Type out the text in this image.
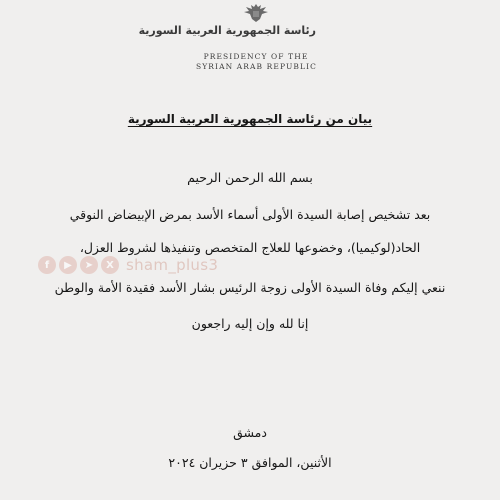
رئاسة الجمهورية العربية السورية
PRESIDENCY OF THE
SYRIAN ARAB REPUBLIC
بيان من رئاسة الجمهورية العربية السورية
بسم الله الرحمن الرحيم
بعد تشخيص إصابة السيدة الأولى أسماء الأسد بمرض الإبيضاض النوقي
الحاد(لوكيميا)، وخضوعها للعلاج المتخصص وتنفيذها لشروط العزل،
ننعي إليكم وفاة السيدة الأولى زوجة الرئيس بشار الأسد فقيدة الأمة والوطن
إنا لله وإن إليه راجعون
دمشق
الأثنين، الموافق ٣ حزيران ٢٠٢٤
f	▶	➤	X sham_plus3
